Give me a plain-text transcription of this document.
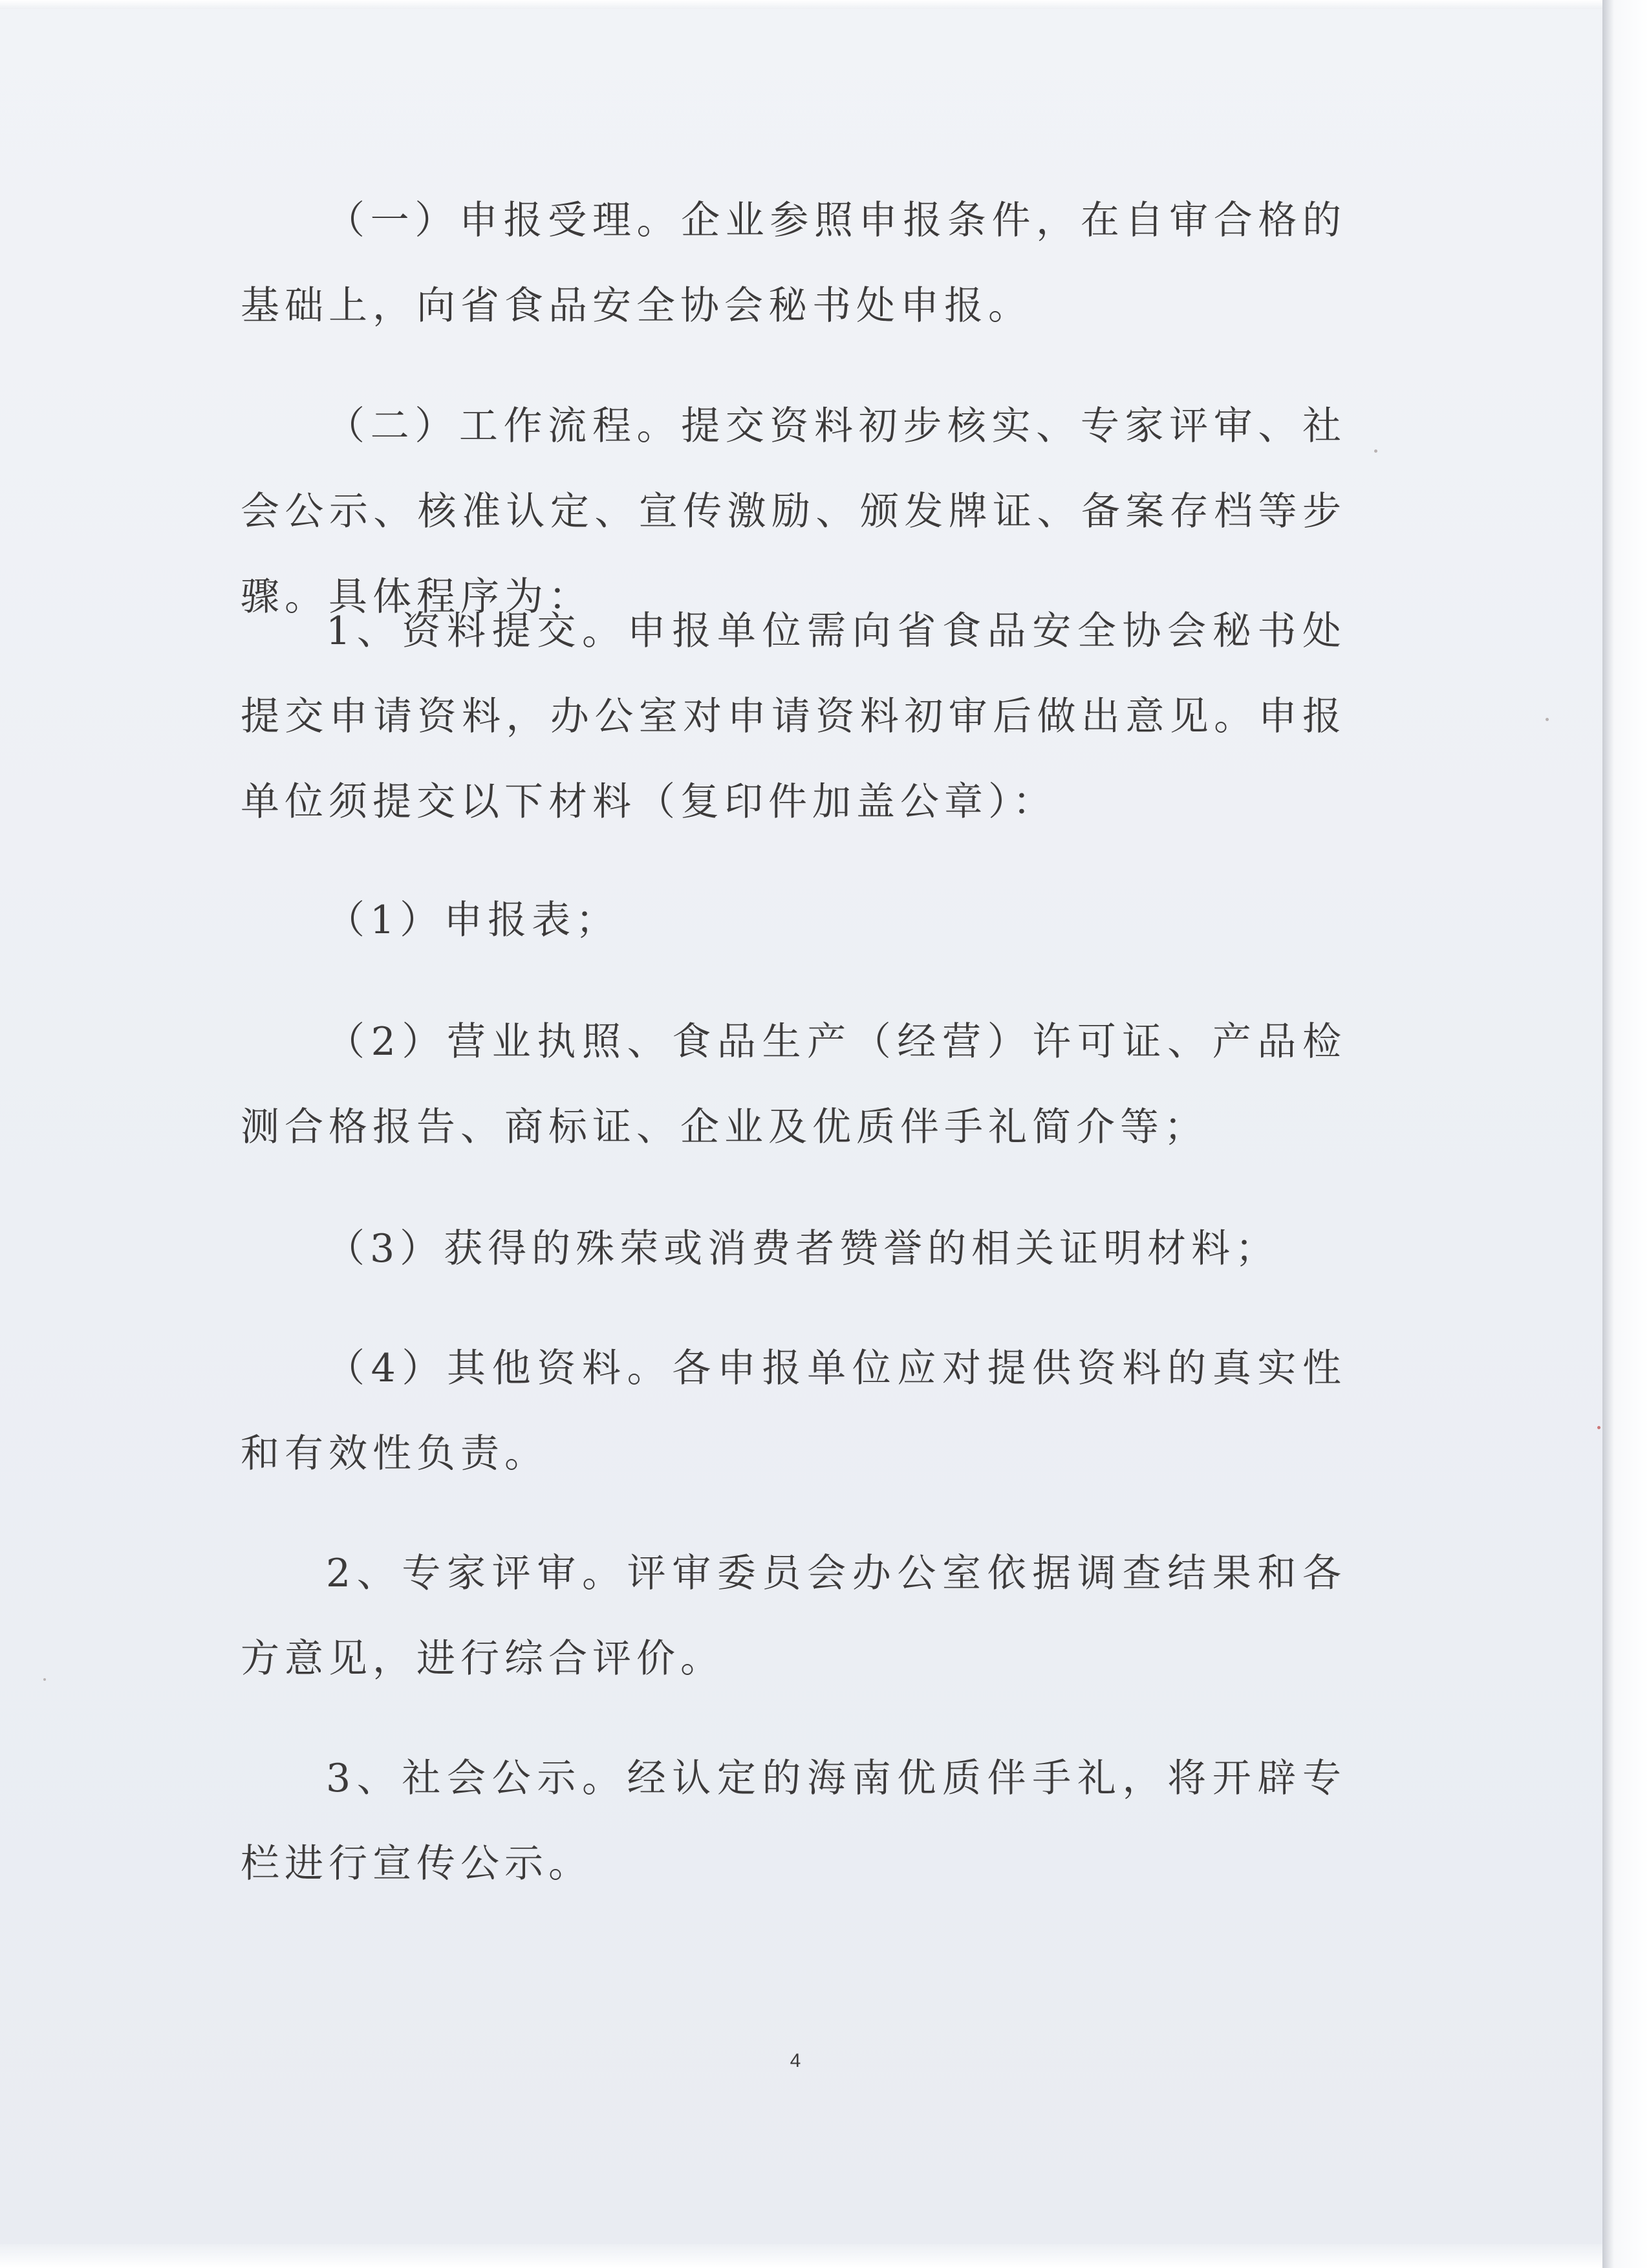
（一）申报受理。企业参照申报条件，在自审合格的基础上，向省食品安全协会秘书处申报。

（二）工作流程。提交资料初步核实、专家评审、社会公示、核准认定、宣传激励、颁发牌证、备案存档等步骤。具体程序为：

1、资料提交。申报单位需向省食品安全协会秘书处提交申请资料，办公室对申请资料初审后做出意见。申报单位须提交以下材料（复印件加盖公章）：

（1）申报表；

（2）营业执照、食品生产（经营）许可证、产品检测合格报告、商标证、企业及优质伴手礼简介等；

（3）获得的殊荣或消费者赞誉的相关证明材料；

（4）其他资料。各申报单位应对提供资料的真实性和有效性负责。

2、专家评审。评审委员会办公室依据调查结果和各方意见，进行综合评价。

3、社会公示。经认定的海南优质伴手礼，将开辟专栏进行宣传公示。

4
